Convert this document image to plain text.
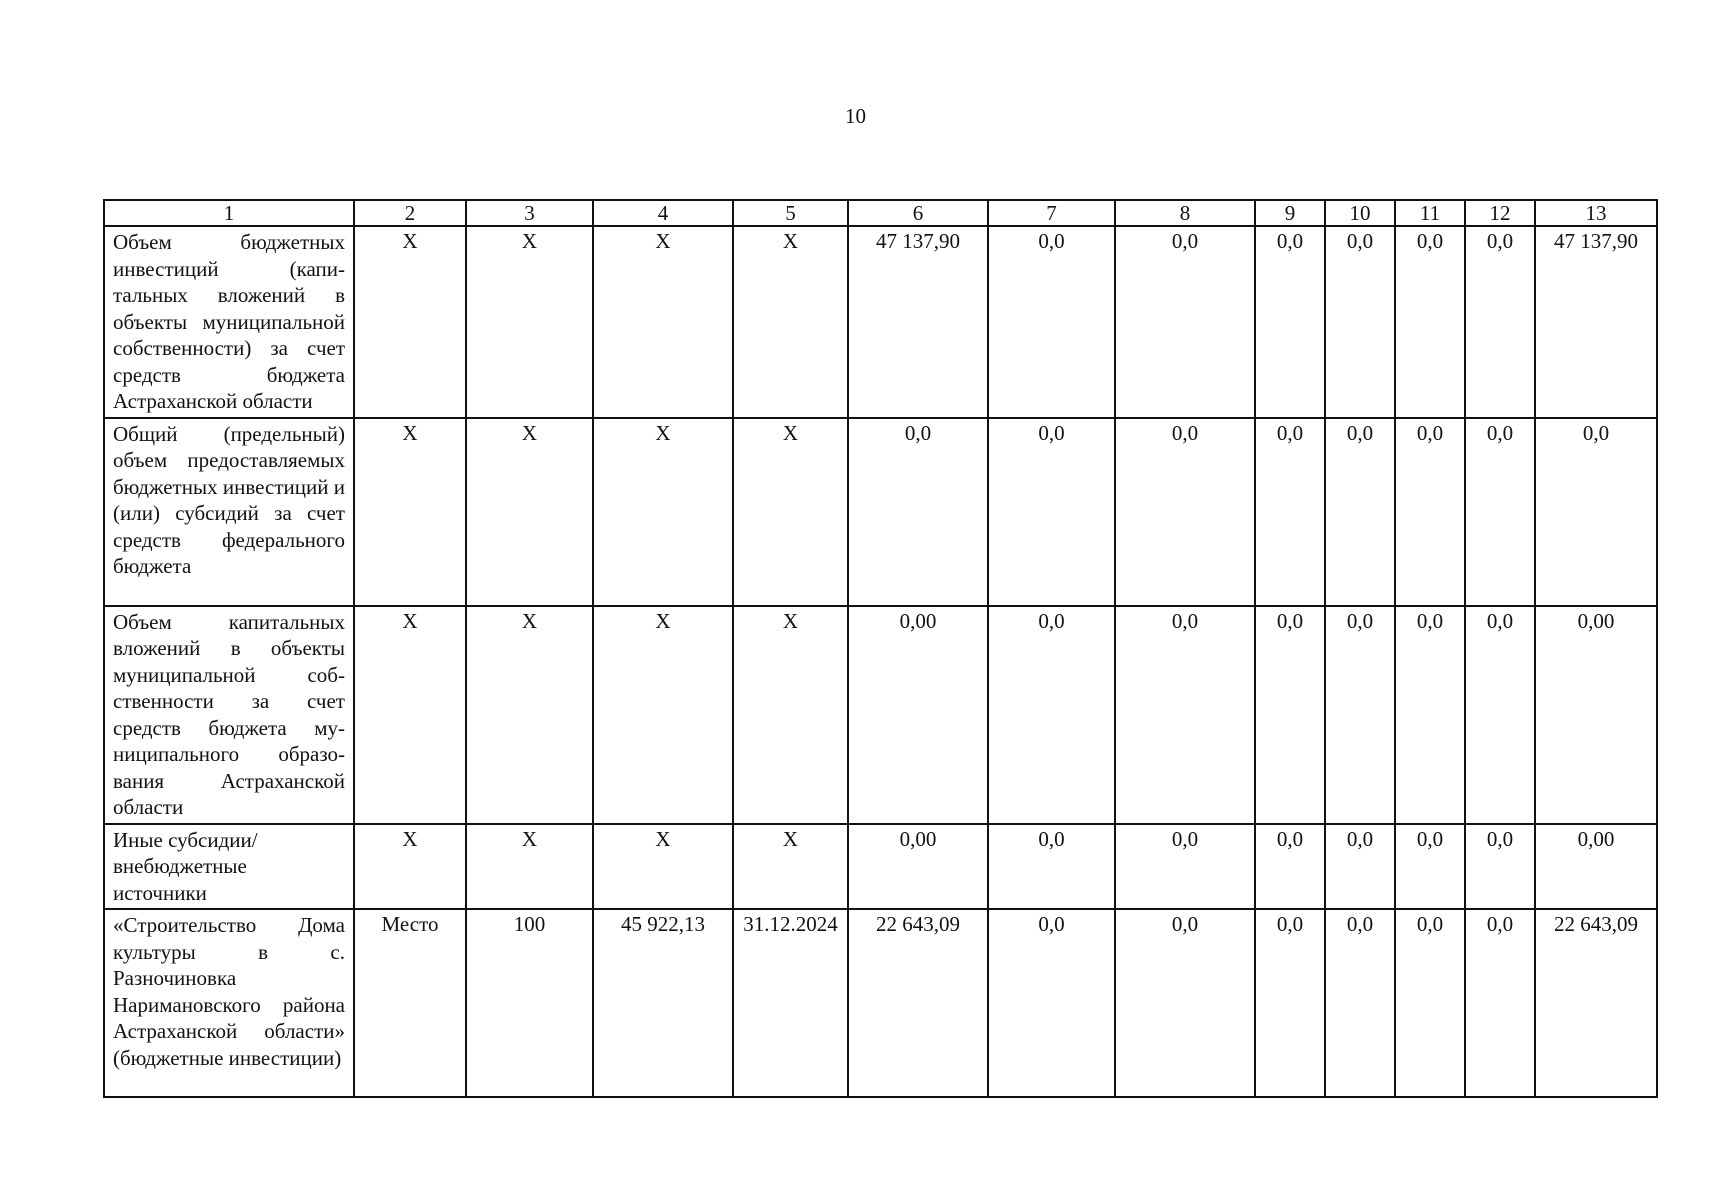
10
1	2	3	4	5	6	7	8	9	10	11	12	13
Объем бюджетных инвестиций (капитальных вложений в объекты муниципальной собственности) за счет средств бюджета Астраханской области	X	X	X	X	47 137,90	0,0	0,0	0,0	0,0	0,0	0,0	47 137,90
Общий (предельный) объем предоставляемых бюджетных инвестиций и (или) субсидий за счет средств федерального бюджета	X	X	X	X	0,0	0,0	0,0	0,0	0,0	0,0	0,0	0,0
Объем капитальных вложений в объекты муниципальной собственности за счет средств бюджета муниципального образования Астраханской области	X	X	X	X	0,00	0,0	0,0	0,0	0,0	0,0	0,0	0,00
Иные субсидии/внебюджетные источники	X	X	X	X	0,00	0,0	0,0	0,0	0,0	0,0	0,0	0,00
«Строительство Дома культуры в с. Разночиновка Наримановского района Астраханской области» (бюджетные инвестиции)	Место	100	45 922,13	31.12.2024	22 643,09	0,0	0,0	0,0	0,0	0,0	0,0	22 643,09
